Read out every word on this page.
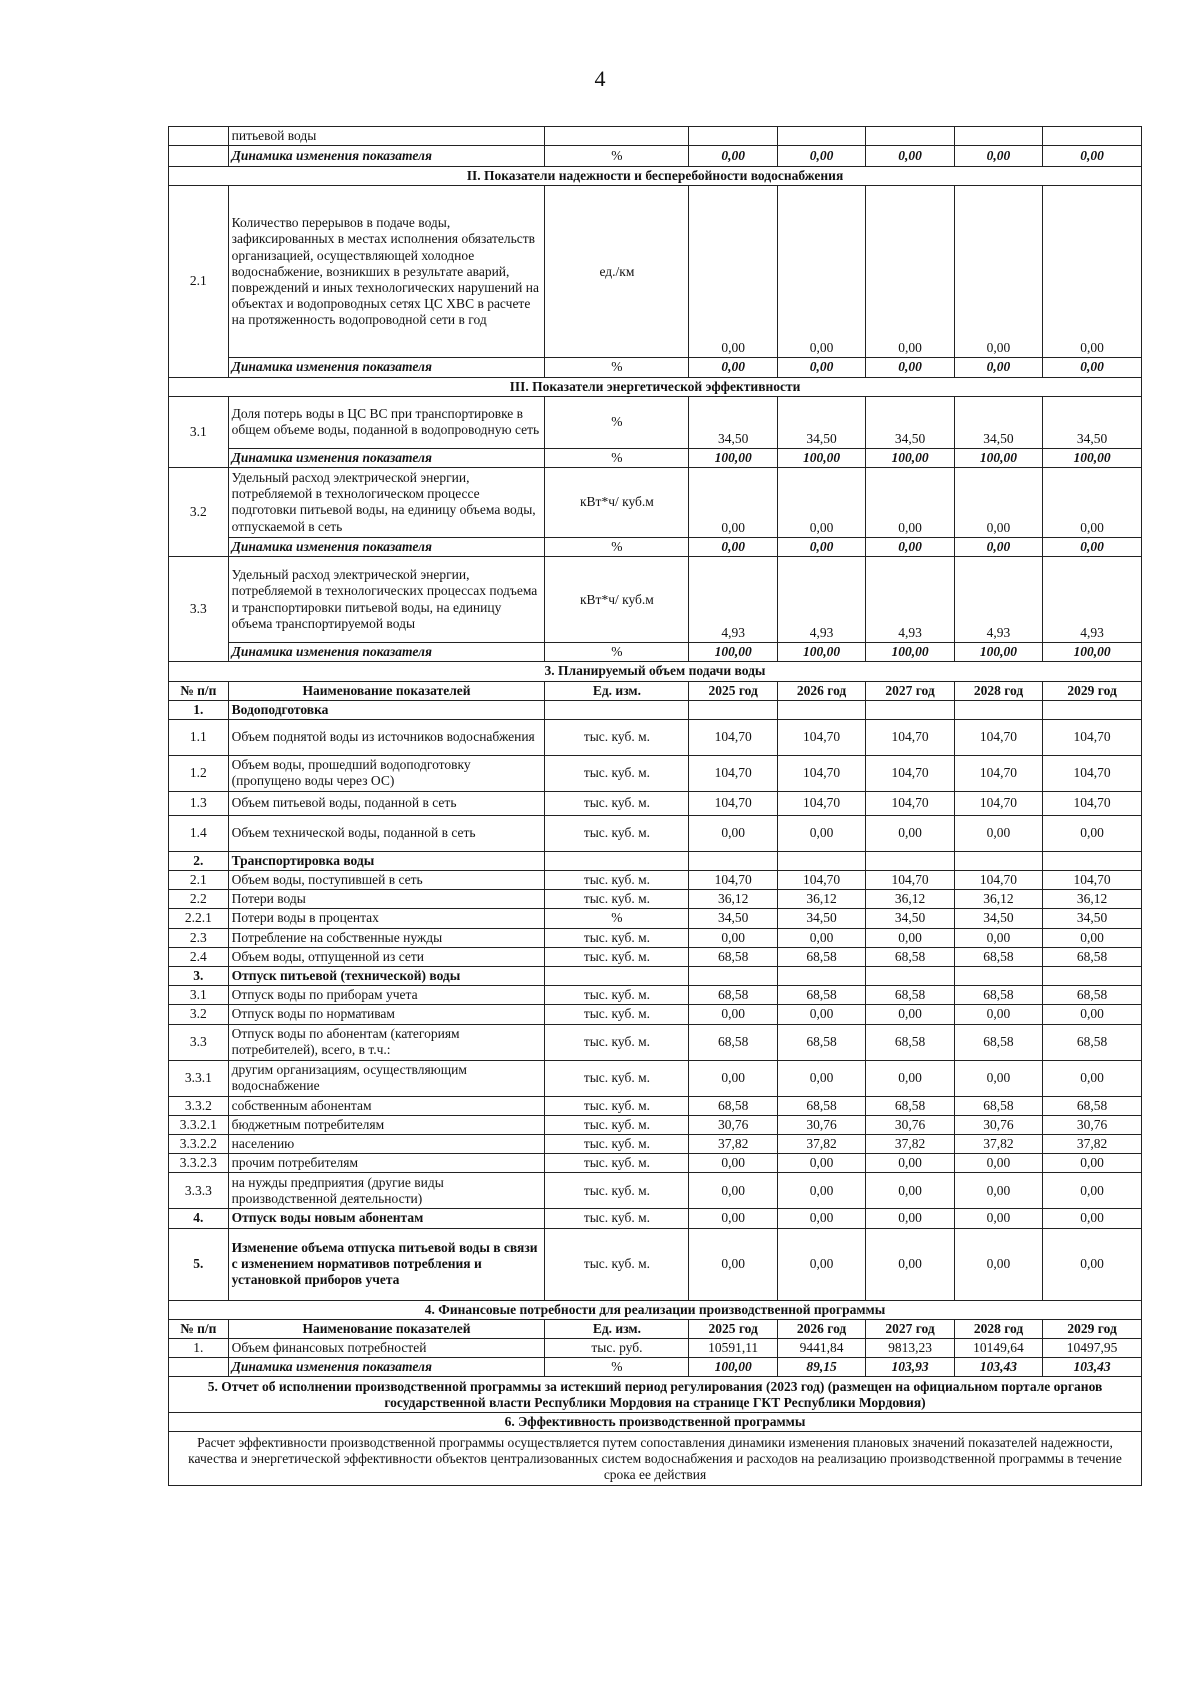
4
	питьевой воды						
	Динамика изменения показателя	%	0,00	0,00	0,00	0,00	0,00
II. Показатели надежности и бесперебойности водоснабжения							
2.1	Количество перерывов в подаче воды, зафиксированных в местах исполнения обязательств организацией, осуществляющей холодное водоснабжение, возникших в результате аварий, повреждений и иных технологических нарушений на объектах и водопроводных сетях ЦС ХВС в расчете на протяженность водопроводной сети в год	ед./км	0,00	0,00	0,00	0,00	0,00
	Динамика изменения показателя	%	0,00	0,00	0,00	0,00	0,00
III. Показатели энергетической эффективности							
3.1	Доля потерь воды в ЦС ВС при транспортировке в общем объеме воды, поданной в водопроводную сеть	%	34,50	34,50	34,50	34,50	34,50
	Динамика изменения показателя	%	100,00	100,00	100,00	100,00	100,00
3.2	Удельный расход электрической энергии, потребляемой в технологическом процессе подготовки питьевой воды, на единицу объема воды, отпускаемой в сеть	кВт*ч/ куб.м	0,00	0,00	0,00	0,00	0,00
	Динамика изменения показателя	%	0,00	0,00	0,00	0,00	0,00
3.3	Удельный расход электрической энергии, потребляемой в технологических процессах подъема и транспортировки питьевой воды, на единицу объема транспортируемой воды	кВт*ч/ куб.м	4,93	4,93	4,93	4,93	4,93
	Динамика изменения показателя	%	100,00	100,00	100,00	100,00	100,00
3. Планируемый объем подачи воды							
№ п/п	Наименование показателей	Ед. изм.	2025 год	2026 год	2027 год	2028 год	2029 год
1.	Водоподготовка						
1.1	Объем поднятой воды из источников водоснабжения	тыс. куб. м.	104,70	104,70	104,70	104,70	104,70
1.2	Объем воды, прошедший водоподготовку (пропущено воды через ОС)	тыс. куб. м.	104,70	104,70	104,70	104,70	104,70
1.3	Объем питьевой воды, поданной в сеть	тыс. куб. м.	104,70	104,70	104,70	104,70	104,70
1.4	Объем технической воды, поданной в сеть	тыс. куб. м.	0,00	0,00	0,00	0,00	0,00
2.	Транспортировка воды						
2.1	Объем воды, поступившей в сеть	тыс. куб. м.	104,70	104,70	104,70	104,70	104,70
2.2	Потери воды	тыс. куб. м.	36,12	36,12	36,12	36,12	36,12
2.2.1	Потери воды в процентах	%	34,50	34,50	34,50	34,50	34,50
2.3	Потребление на собственные нужды	тыс. куб. м.	0,00	0,00	0,00	0,00	0,00
2.4	Объем воды, отпущенной из сети	тыс. куб. м.	68,58	68,58	68,58	68,58	68,58
3.	Отпуск питьевой (технической) воды						
3.1	Отпуск воды по приборам учета	тыс. куб. м.	68,58	68,58	68,58	68,58	68,58
3.2	Отпуск воды по нормативам	тыс. куб. м.	0,00	0,00	0,00	0,00	0,00
3.3	Отпуск воды по абонентам (категориям потребителей), всего, в т.ч.:	тыс. куб. м.	68,58	68,58	68,58	68,58	68,58
3.3.1	другим организациям, осуществляющим водоснабжение	тыс. куб. м.	0,00	0,00	0,00	0,00	0,00
3.3.2	собственным абонентам	тыс. куб. м.	68,58	68,58	68,58	68,58	68,58
3.3.2.1	бюджетным потребителям	тыс. куб. м.	30,76	30,76	30,76	30,76	30,76
3.3.2.2	населению	тыс. куб. м.	37,82	37,82	37,82	37,82	37,82
3.3.2.3	прочим потребителям	тыс. куб. м.	0,00	0,00	0,00	0,00	0,00
3.3.3	на нужды предприятия (другие виды производственной деятельности)	тыс. куб. м.	0,00	0,00	0,00	0,00	0,00
4.	Отпуск воды новым абонентам	тыс. куб. м.	0,00	0,00	0,00	0,00	0,00
5.	Изменение объема отпуска питьевой воды в связи с изменением нормативов потребления и установкой приборов учета	тыс. куб. м.	0,00	0,00	0,00	0,00	0,00
4. Финансовые потребности для реализации производственной программы							
№ п/п	Наименование показателей	Ед. изм.	2025 год	2026 год	2027 год	2028 год	2029 год
1.	Объем финансовых потребностей	тыс. руб.	10591,11	9441,84	9813,23	10149,64	10497,95
	Динамика изменения показателя	%	100,00	89,15	103,93	103,43	103,43
5. Отчет об исполнении производственной программы за истекший период регулирования (2023 год) (размещен на официальном портале органов государственной власти Республики Мордовия на странице ГКТ Республики Мордовия)							
6. Эффективность производственной программы							
Расчет эффективности производственной программы осуществляется путем сопоставления динамики изменения плановых значений показателей надежности, качества и энергетической эффективности объектов централизованных систем водоснабжения и расходов на реализацию производственной программы в течение срока ее действия							
